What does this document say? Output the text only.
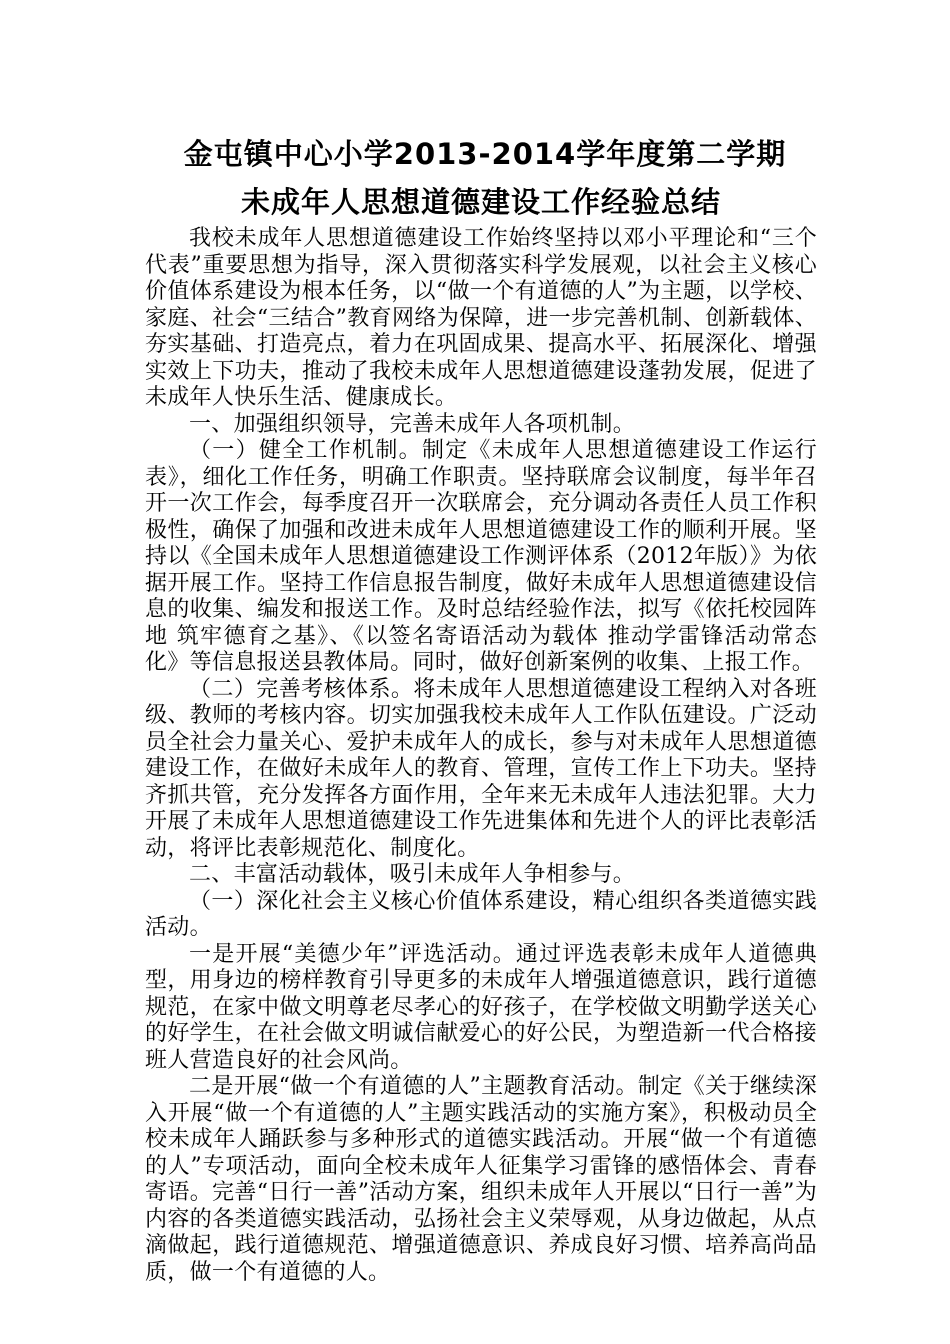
金屯镇中心小学2013-2014学年度第二学期
未成年人思想道德建设工作经验总结

我校未成年人思想道德建设工作始终坚持以邓小平理论和“三个代表”重要思想为指导，深入贯彻落实科学发展观，以社会主义核心价值体系建设为根本任务，以“做一个有道德的人”为主题，以学校、家庭、社会“三结合”教育网络为保障，进一步完善机制、创新载体、夯实基础、打造亮点，着力在巩固成果、提高水平、拓展深化、增强实效上下功夫，推动了我校未成年人思想道德建设蓬勃发展，促进了未成年人快乐生活、健康成长。

一、加强组织领导，完善未成年人各项机制。

（一）健全工作机制。制定《未成年人思想道德建设工作运行表》，细化工作任务，明确工作职责。坚持联席会议制度，每半年召开一次工作会，每季度召开一次联席会，充分调动各责任人员工作积极性，确保了加强和改进未成年人思想道德建设工作的顺利开展。坚持以《全国未成年人思想道德建设工作测评体系（2012年版）》为依据开展工作。坚持工作信息报告制度，做好未成年人思想道德建设信息的收集、编发和报送工作。及时总结经验作法，拟写《依托校园阵地 筑牢德育之基》、《以签名寄语活动为载体 推动学雷锋活动常态化》等信息报送县教体局。同时，做好创新案例的收集、上报工作。

（二）完善考核体系。将未成年人思想道德建设工程纳入对各班级、教师的考核内容。切实加强我校未成年人工作队伍建设。广泛动员全社会力量关心、爱护未成年人的成长，参与对未成年人思想道德建设工作，在做好未成年人的教育、管理，宣传工作上下功夫。坚持齐抓共管，充分发挥各方面作用，全年来无未成年人违法犯罪。大力开展了未成年人思想道德建设工作先进集体和先进个人的评比表彰活动，将评比表彰规范化、制度化。

二、丰富活动载体，吸引未成年人争相参与。

（一）深化社会主义核心价值体系建设，精心组织各类道德实践活动。

一是开展“美德少年”评选活动。通过评选表彰未成年人道德典型，用身边的榜样教育引导更多的未成年人增强道德意识，践行道德规范，在家中做文明尊老尽孝心的好孩子，在学校做文明勤学送关心的好学生，在社会做文明诚信献爱心的好公民，为塑造新一代合格接班人营造良好的社会风尚。

二是开展“做一个有道德的人”主题教育活动。制定《关于继续深入开展“做一个有道德的人”主题实践活动的实施方案》，积极动员全校未成年人踊跃参与多种形式的道德实践活动。开展“做一个有道德的人”专项活动，面向全校未成年人征集学习雷锋的感悟体会、青春寄语。完善“日行一善”活动方案，组织未成年人开展以“日行一善”为内容的各类道德实践活动，弘扬社会主义荣辱观，从身边做起，从点滴做起，践行道德规范、增强道德意识、养成良好习惯、培养高尚品质，做一个有道德的人。
